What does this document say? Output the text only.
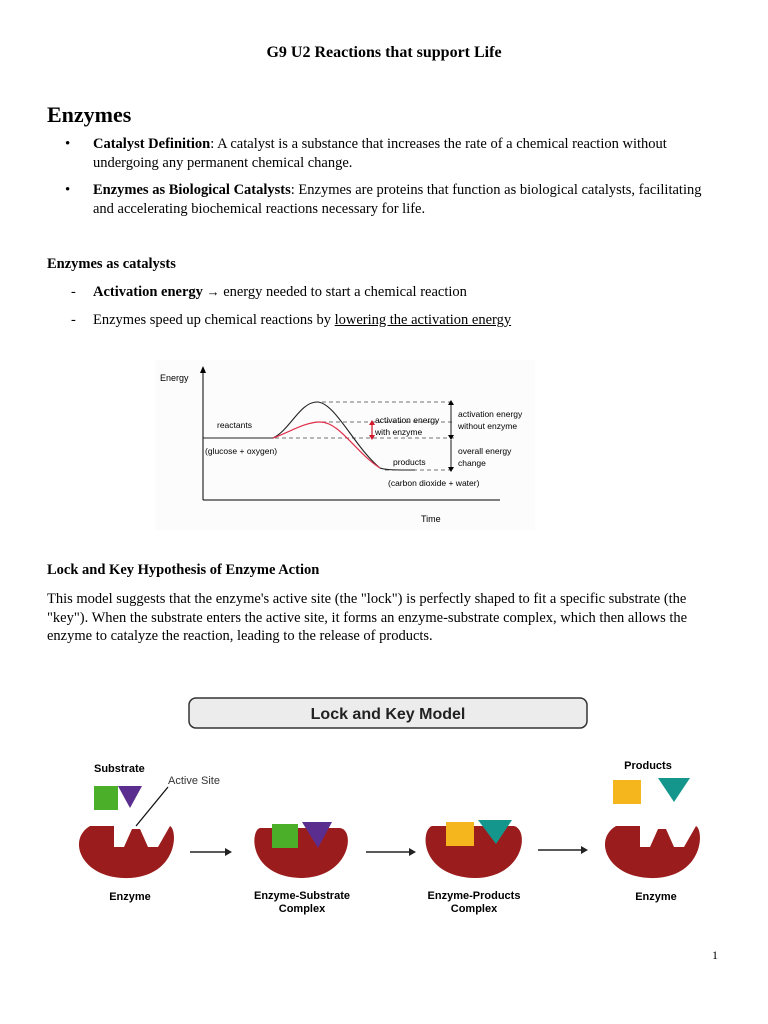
G9 U2 Reactions that support Life
Enzymes
• Catalyst Definition: A catalyst is a substance that increases the rate of a chemical reaction without undergoing any permanent chemical change.
• Enzymes as Biological Catalysts: Enzymes are proteins that function as biological catalysts, facilitating and accelerating biochemical reactions necessary for life.
Enzymes as catalysts
- Activation energy → energy needed to start a chemical reaction
- Enzymes speed up chemical reactions by lowering the activation energy
Energy
Time
reactants
(glucose + oxygen)
activation energy
with enzyme
activation energy
without enzyme
overall energy
change
products
(carbon dioxide + water)
Lock and Key Hypothesis of Enzyme Action
This model suggests that the enzyme's active site (the "lock") is perfectly shaped to fit a specific substrate (the "key"). When the substrate enters the active site, it forms an enzyme-substrate complex, which then allows the enzyme to catalyze the reaction, leading to the release of products.
Lock and Key Model
Substrate
Active Site
Enzyme	Enzyme-Substrate
Complex
Enzyme-Products
Complex
Products
Enzyme
1
